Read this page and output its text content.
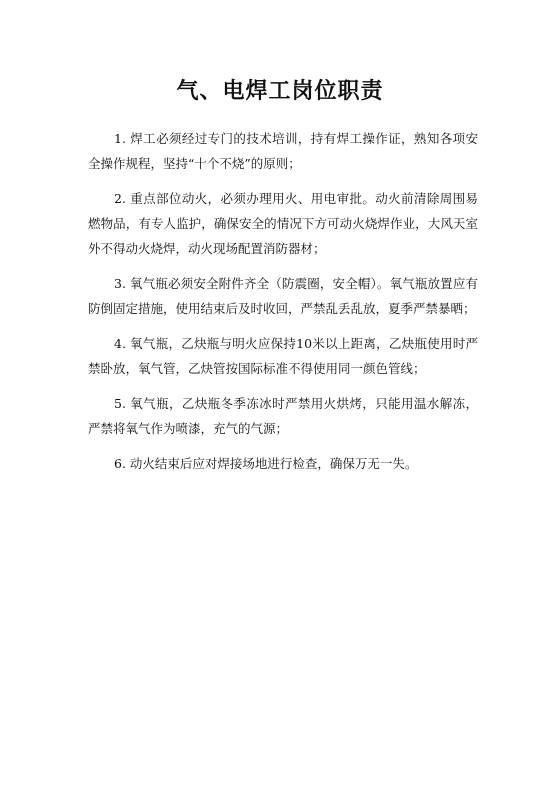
气、电焊工岗位职责

1. 焊工必须经过专门的技术培训，持有焊工操作证，熟知各项安全操作规程，坚持“十个不烧”的原则；

2. 重点部位动火，必须办理用火、用电审批。动火前清除周围易燃物品，有专人监护，确保安全的情况下方可动火烧焊作业，大风天室外不得动火烧焊，动火现场配置消防器材；

3. 氧气瓶必须安全附件齐全（防震圈，安全帽）。氧气瓶放置应有防倒固定措施，使用结束后及时收回，严禁乱丢乱放，夏季严禁暴晒；

4. 氧气瓶，乙炔瓶与明火应保持10米以上距离，乙炔瓶使用时严禁卧放，氧气管，乙炔管按国际标准不得使用同一颜色管线；

5. 氧气瓶，乙炔瓶冬季冻冰时严禁用火烘烤，只能用温水解冻，严禁将氧气作为喷漆，充气的气源；

6. 动火结束后应对焊接场地进行检查，确保万无一失。
